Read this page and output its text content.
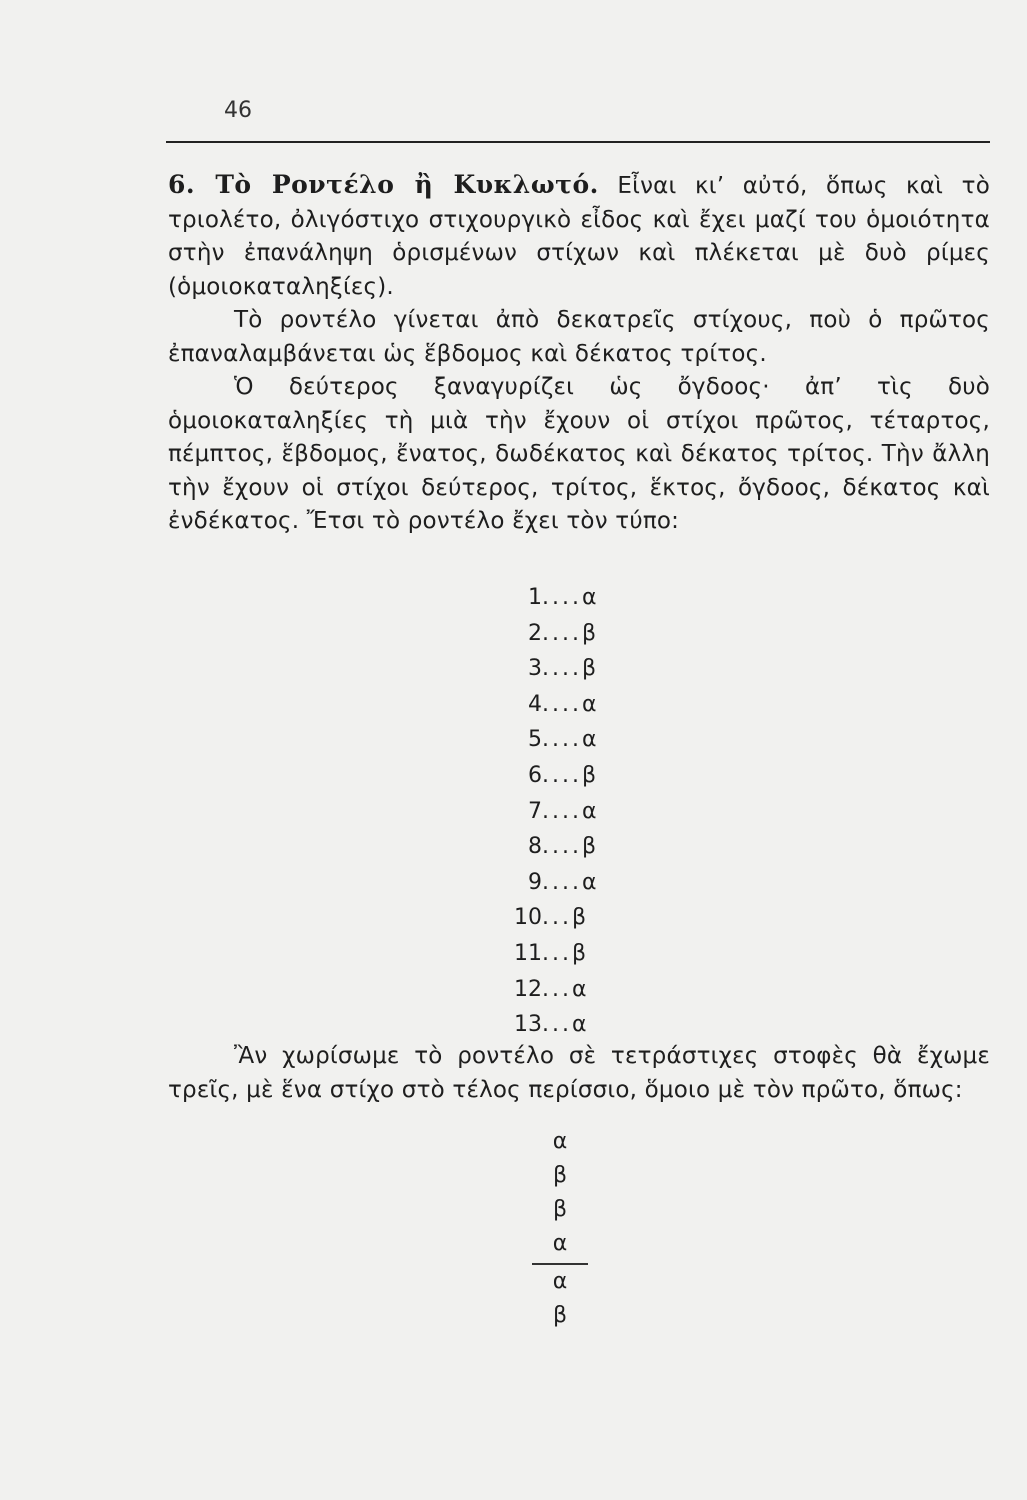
46

6. Τὸ Ροντέλο ἢ Κυκλωτό. Εἶναι κι’ αὐτό, ὅπως καὶ τὸ τριολέτο, ὀλιγόστιχο στιχουργικὸ εἶδος καὶ ἔχει μαζί του ὁμοιότητα στὴν ἐπανάληψη ὁρισμένων στίχων καὶ πλέκεται μὲ δυὸ ρίμες (ὁμοιοκαταληξίες).

Τὸ ροντέλο γίνεται ἀπὸ δεκατρεῖς στίχους, ποὺ ὁ πρῶτος ἐπαναλαμβάνεται ὡς ἕβδομος καὶ δέκατος τρίτος.

Ὁ δεύτερος ξαναγυρίζει ὡς ὄγδοος· ἀπ’ τὶς δυὸ ὁμοιοκαταληξίες τὴ μιὰ τὴν ἔχουν οἱ στίχοι πρῶτος, τέταρτος, πέμπτος, ἕβδομος, ἔνατος, δωδέκατος καὶ δέκατος τρίτος. Τὴν ἄλλη τὴν ἔχουν οἱ στίχοι δεύτερος, τρίτος, ἕκτος, ὄγδοος, δέκατος καὶ ἐνδέκατος. Ἔτσι τὸ ροντέλο ἔχει τὸν τύπο:

1....α
2....β
3....β
4....α
5....α
6....β
7....α
8....β
9....α
10...β
11...β
12...α
13...α

Ἂν χωρίσωμε τὸ ροντέλο σὲ τετράστιχες στοφὲς θὰ ἔχωμε τρεῖς, μὲ ἕνα στίχο στὸ τέλος περίσσιο, ὅμοιο μὲ τὸν πρῶτο, ὅπως:

α
β
β
α
α
β
